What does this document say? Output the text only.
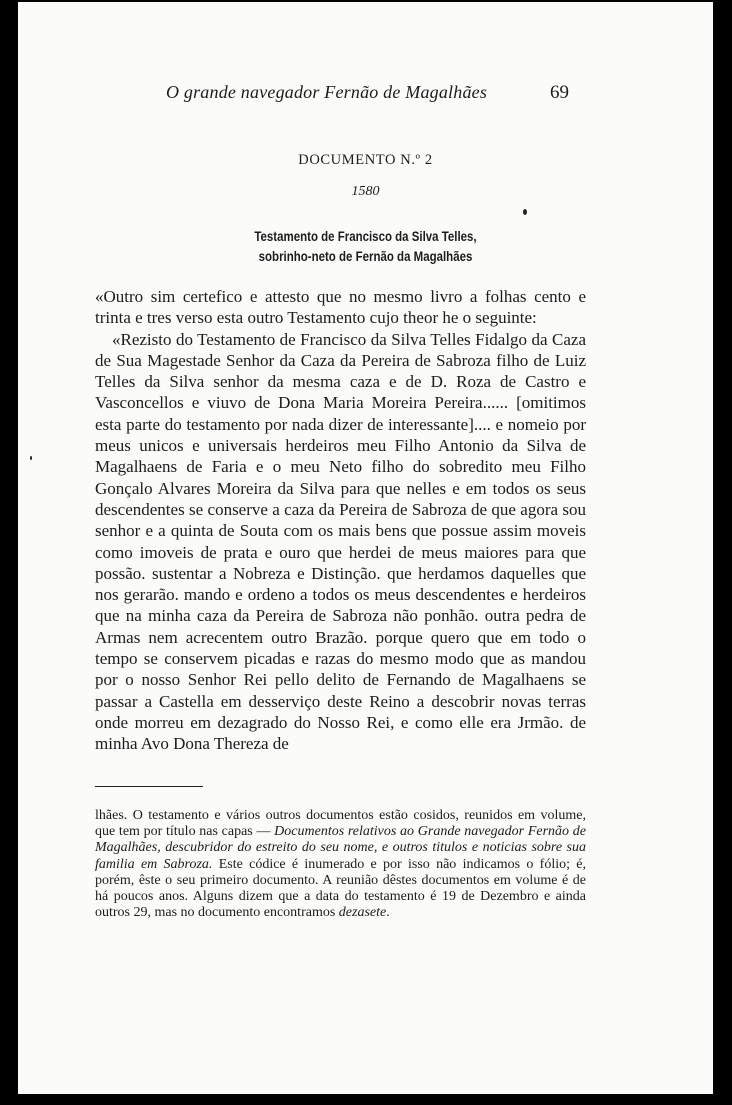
O grande navegador Fernão de Magalhães	69
DOCUMENTO N.º 2
1580
Testamento de Francisco da Silva Telles,
sobrinho-neto de Fernão da Magalhães

«Outro sim certefico e attesto que no mesmo livro a folhas cento e trinta e tres verso esta outro Testamento cujo theor he o seguinte:

«Rezisto do Testamento de Francisco da Silva Telles Fidalgo da Caza de Sua Magestade Senhor da Caza da Pereira de Sabroza filho de Luiz Telles da Silva senhor da mesma caza e de D. Roza de Castro e Vasconcellos e viuvo de Dona Maria Moreira Pereira...... [omitimos esta parte do testamento por nada dizer de interessante].... e nomeio por meus unicos e universais herdeiros meu Filho Antonio da Silva de Magalhaens de Faria e o meu Neto filho do sobredito meu Filho Gonçalo Alvares Moreira da Silva para que nelles e em todos os seus descendentes se conserve a caza da Pereira de Sabroza de que agora sou senhor e a quinta de Souta com os mais bens que possue assim moveis como imoveis de prata e ouro que herdei de meus maiores para que possão. sustentar a Nobreza e Distinção. que herdamos daquelles que nos gerarão. mando e ordeno a todos os meus descendentes e herdeiros que na minha caza da Pereira de Sabroza não ponhão. outra pedra de Armas nem acrecentem outro Brazão. porque quero que em todo o tempo se conservem picadas e razas do mesmo modo que as mandou por o nosso Senhor Rei pello delito de Fernando de Magalhaens se passar a Castella em desserviço deste Reino a descobrir novas terras onde morreu em dezagrado do Nosso Rei, e como elle era Jrmão. de minha Avo Dona Thereza de

lhães. O testamento e vários outros documentos estão cosidos, reunidos em volume, que tem por título nas capas — Documentos relativos ao Grande navegador Fernão de Magalhães, descubridor do estreito do seu nome, e outros titulos e noticias sobre sua familia em Sabroza. Este códice é inumerado e por isso não indicamos o fólio; é, porém, êste o seu primeiro documento. A reunião dêstes documentos em volume é de há poucos anos. Alguns dizem que a data do testamento é 19 de Dezembro e ainda outros 29, mas no documento encontramos dezasete.
